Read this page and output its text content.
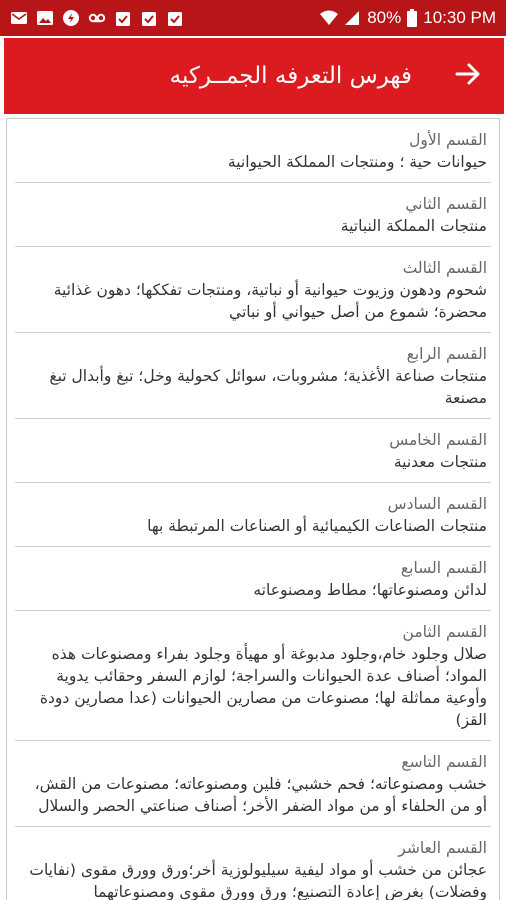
80% 10:30 PM
فهرس التعرفه الجمــركيه
القسم الأول
حيوانات حية ؛ ومنتجات المملكة الحيوانية
القسم الثاني
منتجات المملكة النباتية
القسم الثالث
شحوم ودهون وزيوت حيوانية أو نباتية، ومنتجات تفككها؛ دهون غذائية محضرة؛ شموع من أصل حيواني أو نباتي
القسم الرابع
منتجات صناعة الأغذية؛ مشروبات، سوائل كحولية وخل؛ تبغ وأبدال تبغ مصنعة
القسم الخامس
منتجات معدنية
القسم السادس
منتجات الصناعات الكيميائية أو الصناعات المرتبطة بها
القسم السابع
لدائن ومصنوعاتها؛ مطاط ومصنوعاته
القسم الثامن
صلال وجلود خام،وجلود مدبوغة أو مهيأة وجلود بفراء ومصنوعات هذه المواد؛ أصناف عدة الحيوانات والسراجة؛ لوازم السفر وحقائب يدوية وأوعية مماثلة لها؛ مصنوعات من مصارين الحيوانات (عدا مصارين دودة القز)
القسم التاسع
خشب ومصنوعاته؛ فحم خشبي؛ فلين ومصنوعاته؛ مصنوعات من القش، أو من الحلفاء أو من مواد الضفر الأخر؛ أصناف صناعتي الحصر والسلال
القسم العاشر
عجائن من خشب أو مواد ليفية سيليولوزية أخر؛ورق وورق مقوى (نفايات وفضلات) بغرض إعادة التصنيع؛ ورق وورق مقوى ومصنوعاتهما
